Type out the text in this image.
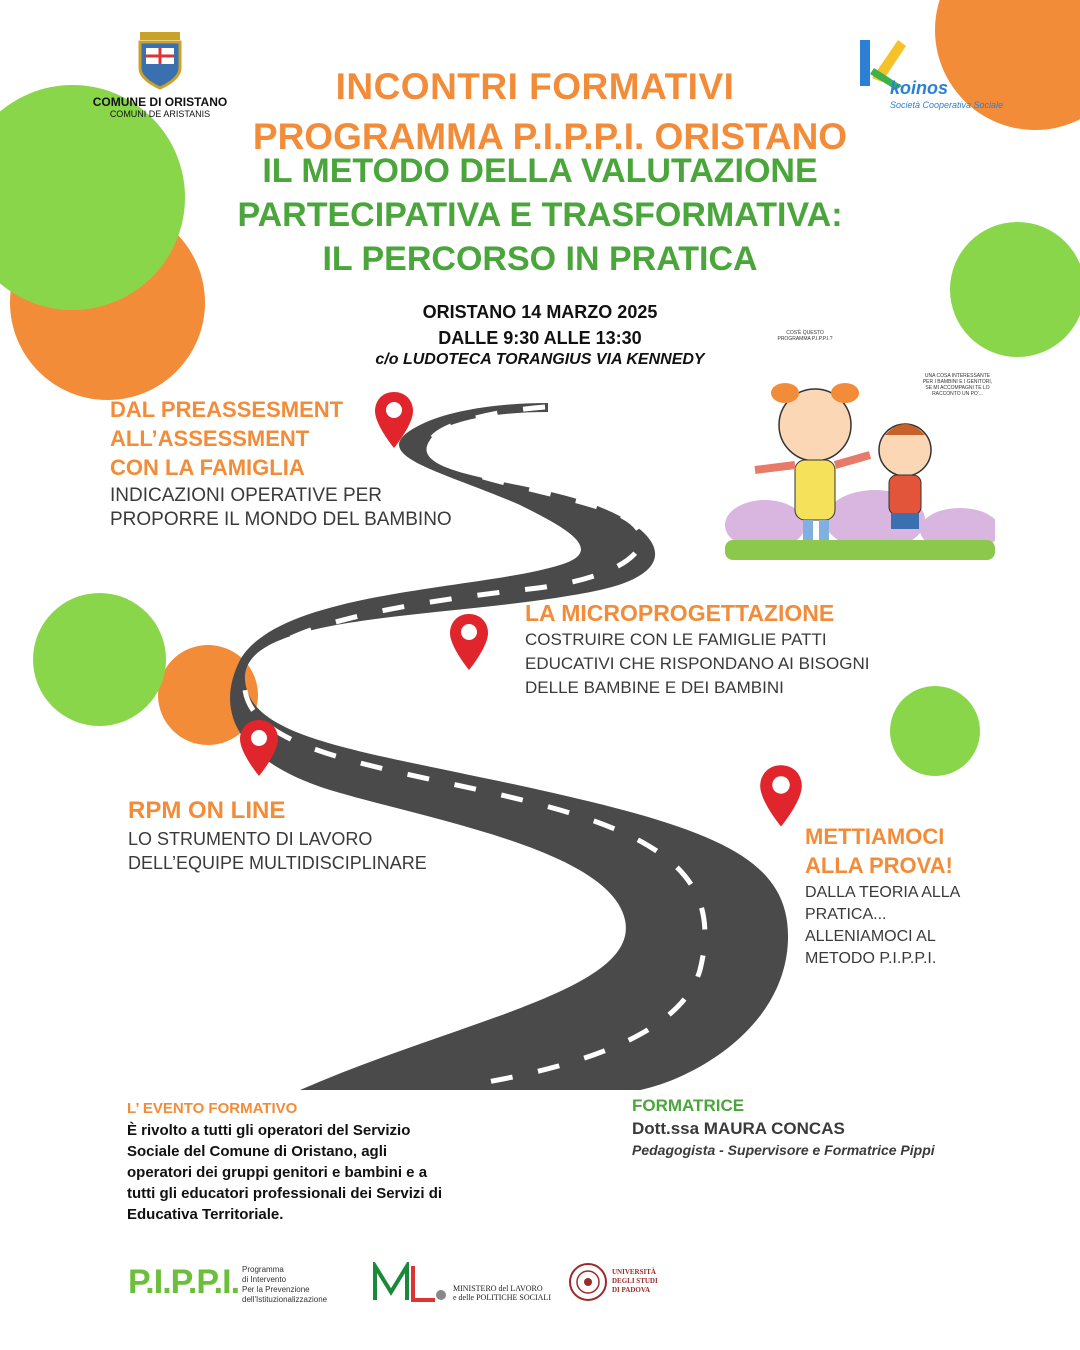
COMUNE DI ORISTANO
COMUNI DE ARISTANIS
koinos
Società Cooperativa Sociale
INCONTRI FORMATIVI
PROGRAMMA P.I.P.P.I. ORISTANO
IL METODO DELLA VALUTAZIONE
PARTECIPATIVA E TRASFORMATIVA:
IL PERCORSO IN PRATICA
ORISTANO 14 MARZO 2025
DALLE 9:30 ALLE 13:30
c/o LUDOTECA TORANGIUS VIA KENNEDY
COS'È QUESTO PROGRAMMA P.I.P.P.I.?
UNA COSA INTERESSANTE PER I BAMBINI E I GENITORI, SE MI ACCOMPAGNI TE LO RACCONTO UN PO'...
DAL PREASSESMENT
ALL’ASSESSMENT
CON LA FAMIGLIA
INDICAZIONI OPERATIVE PER
PROPORRE IL MONDO DEL BAMBINO
LA MICROPROGETTAZIONE
COSTRUIRE CON LE FAMIGLIE PATTI
EDUCATIVI CHE RISPONDANO AI BISOGNI
DELLE BAMBINE E DEI BAMBINI
RPM ON LINE
LO STRUMENTO DI LAVORO
DELL’EQUIPE MULTIDISCIPLINARE
METTIAMOCI
ALLA PROVA!
DALLA TEORIA ALLA
PRATICA...
ALLENIAMOCI AL
METODO P.I.P.P.I.
L’ EVENTO FORMATIVO
È rivolto a tutti gli operatori del Servizio
Sociale del Comune di Oristano, agli
operatori dei gruppi genitori e bambini e a
tutti gli educatori professionali dei Servizi di
Educativa Territoriale.
FORMATRICE
Dott.ssa MAURA CONCAS
Pedagogista - Supervisore e Formatrice Pippi
P.I.P.P.I. Programma
di Intervento
Per la Prevenzione
dell'Istituzionalizzazione
MINISTERO del LAVORO
e delle POLITICHE SOCIALI
UNIVERSITÀ
DEGLI STUDI
DI PADOVA
